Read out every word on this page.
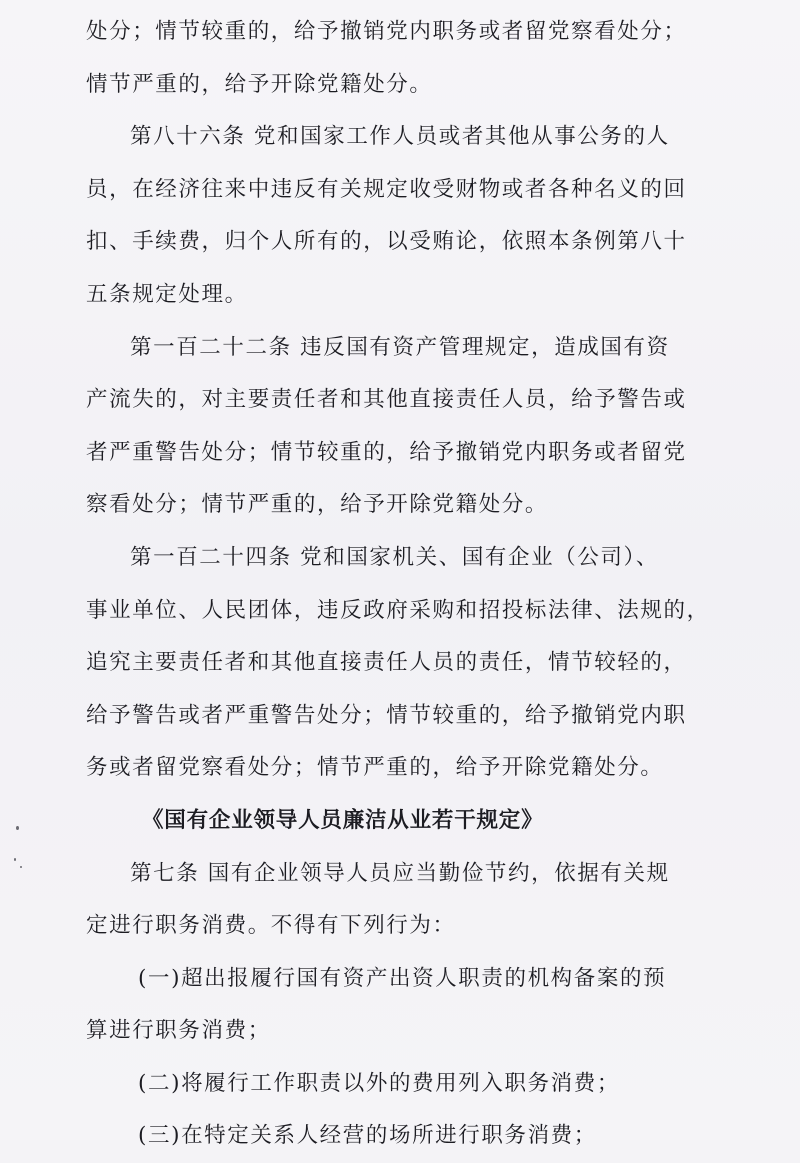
处分；情节较重的，给予撤销党内职务或者留党察看处分；
情节严重的，给予开除党籍处分。
第八十六条 党和国家工作人员或者其他从事公务的人
员，在经济往来中违反有关规定收受财物或者各种名义的回
扣、手续费，归个人所有的，以受贿论，依照本条例第八十
五条规定处理。
第一百二十二条 违反国有资产管理规定，造成国有资
产流失的，对主要责任者和其他直接责任人员，给予警告或
者严重警告处分；情节较重的，给予撤销党内职务或者留党
察看处分；情节严重的，给予开除党籍处分。
第一百二十四条 党和国家机关、国有企业（公司）、
事业单位、人民团体，违反政府采购和招投标法律、法规的，
追究主要责任者和其他直接责任人员的责任，情节较轻的，
给予警告或者严重警告处分；情节较重的，给予撤销党内职
务或者留党察看处分；情节严重的，给予开除党籍处分。
《国有企业领导人员廉洁从业若干规定》
第七条 国有企业领导人员应当勤俭节约，依据有关规
定进行职务消费。不得有下列行为：
(一)超出报履行国有资产出资人职责的机构备案的预
算进行职务消费；
(二)将履行工作职责以外的费用列入职务消费；
(三)在特定关系人经营的场所进行职务消费；
